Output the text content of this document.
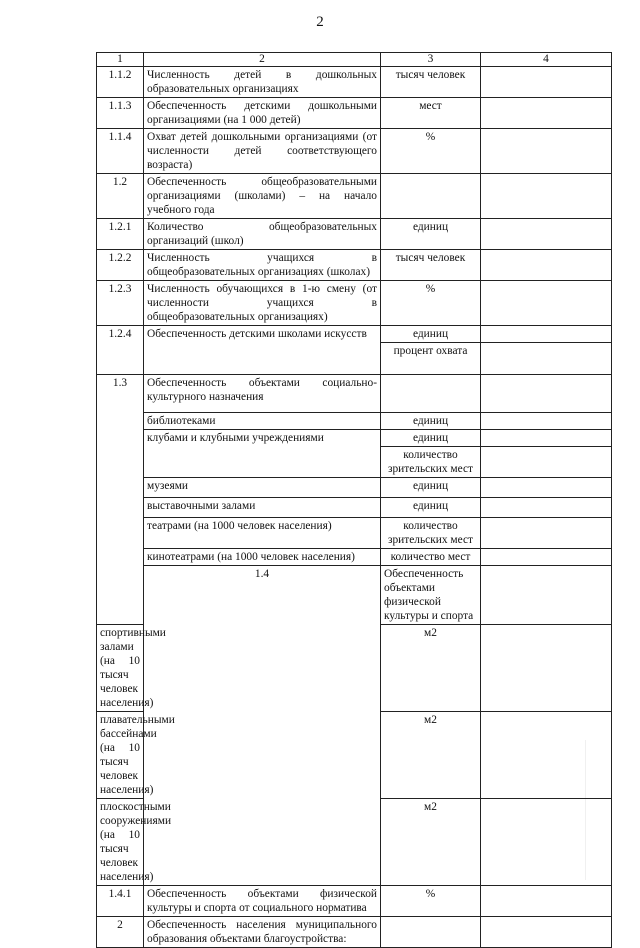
2
1	2	3	4	
1.1.2	Численность детей в дошкольных образовательных организациях	тысяч человек		
1.1.3	Обеспеченность детскими дошкольными организациями (на 1 000 детей)	мест		
1.1.4	Охват детей дошкольными организациями (от численности детей соответствующего возраста)	%		
1.2	Обеспеченность общеобразовательными организациями (школами) – на начало учебного года			
1.2.1	Количество общеобразовательных организаций (школ)	единиц		
1.2.2	Численность учащихся в общеобразовательных организациях (школах)	тысяч человек		
1.2.3	Численность обучающихся в 1-ю смену (от численности учащихся в общеобразовательных организациях)	%		
1.2.4	Обеспеченность детскими школами искусств	единиц		
		процент охвата		
1.3	Обеспеченность объектами социально-культурного назначения			
	библиотеками	единиц		
	клубами и клубными учреждениями	единиц		
		количество зрительских мест		
	музеями	единиц		
	выставочными залами	единиц		
	театрами (на 1000 человек населения)	количество зрительских мест		
	кинотеатрами (на 1000 человек населения)	количество мест		
	1.4	Обеспеченность объектами физической культуры и спорта		
спортивными залами (на 10 тысяч человек населения)		м2		
плавательными бассейнами (на 10 тысяч человек населения)		м2		
плоскостными сооружениями (на 10 тысяч человек населения)		м2		
1.4.1	Обеспеченность объектами физической культуры и спорта от социального норматива	%		
2	Обеспеченность населения муниципального образования объектами благоустройства:			
